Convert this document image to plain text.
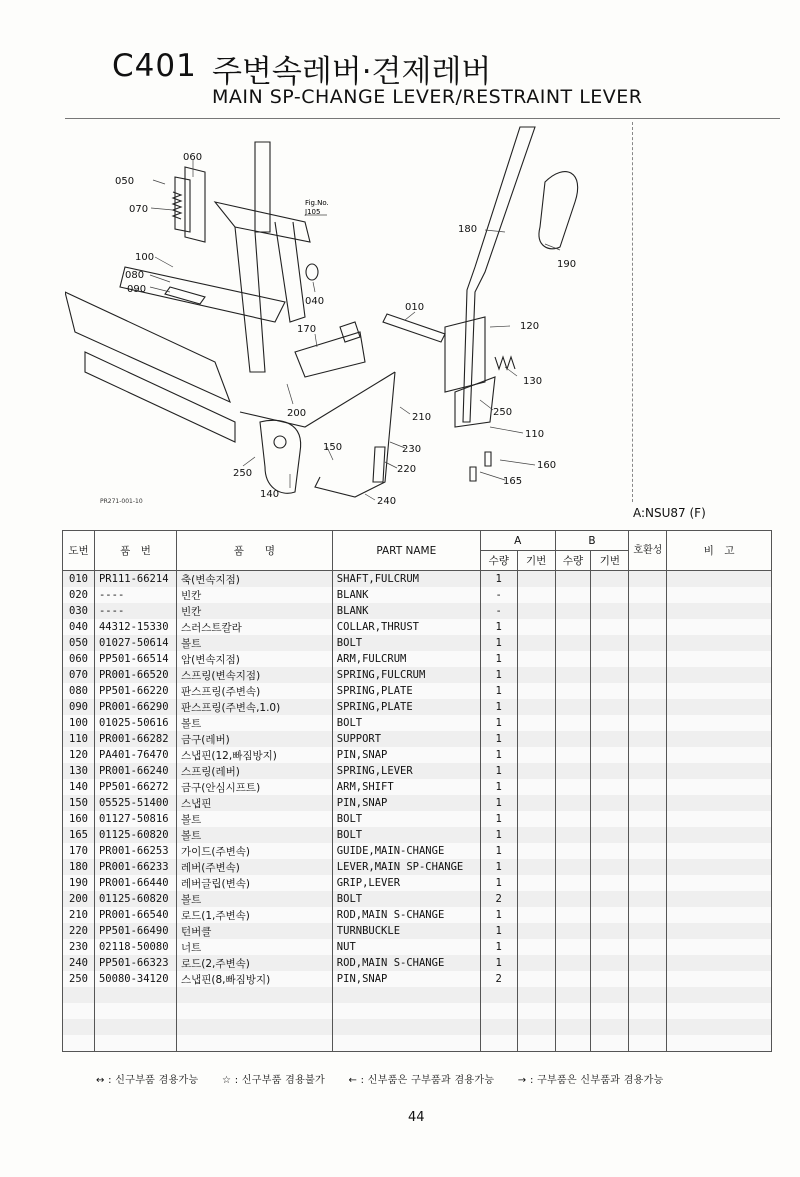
C401 주변속레버·견제레버
MAIN SP-CHANGE LEVER/RESTRAINT LEVER
060
050
070
100
080
090
040
010
170
180
190
120
130
250
110
160
165
200	210
230
220
240
150
250
140
Fig.No.
J105
PR271-001-10
A:NSU87 (F)
도번	품　번	품　　명	PART NAME	A		B		호환성	비　고
				수량	기번	수량	기번		
010	PR111-66214	축(변속지점)	SHAFT,FULCRUM	1					
020	----	빈칸	BLANK	-					
030	----	빈칸	BLANK	-					
040	44312-15330	스러스트칼라	COLLAR,THRUST	1					
050	01027-50614	볼트	BOLT	1					
060	PP501-66514	암(변속지점)	ARM,FULCRUM	1					
070	PR001-66520	스프링(변속지점)	SPRING,FULCRUM	1					
080	PP501-66220	판스프링(주변속)	SPRING,PLATE	1					
090	PR001-66290	판스프링(주변속,1.0)	SPRING,PLATE	1					
100	01025-50616	볼트	BOLT	1					
110	PR001-66282	금구(레버)	SUPPORT	1					
120	PA401-76470	스냅핀(12,빠짐방지)	PIN,SNAP	1					
130	PR001-66240	스프링(레버)	SPRING,LEVER	1					
140	PP501-66272	금구(안심시프트)	ARM,SHIFT	1					
150	05525-51400	스냅핀	PIN,SNAP	1					
160	01127-50816	볼트	BOLT	1					
165	01125-60820	볼트	BOLT	1					
170	PR001-66253	가이드(주변속)	GUIDE,MAIN-CHANGE	1					
180	PR001-66233	레버(주변속)	LEVER,MAIN SP-CHANGE	1					
190	PR001-66440	레버글립(변속)	GRIP,LEVER	1					
200	01125-60820	볼트	BOLT	2					
210	PR001-66540	로드(1,주변속)	ROD,MAIN S-CHANGE	1					
220	PP501-66490	턴버클	TURNBUCKLE	1					
230	02118-50080	너트	NUT	1					
240	PP501-66323	로드(2,주변속)	ROD,MAIN S-CHANGE	1					
250	50080-34120	스냅핀(8,빠짐방지)	PIN,SNAP	2					

↔ : 신구부품 겸용가능 ☆ : 신구부품 겸용불가 ← : 신부품은 구부품과 겸용가능 → : 구부품은 신부품과 겸용가능
44
